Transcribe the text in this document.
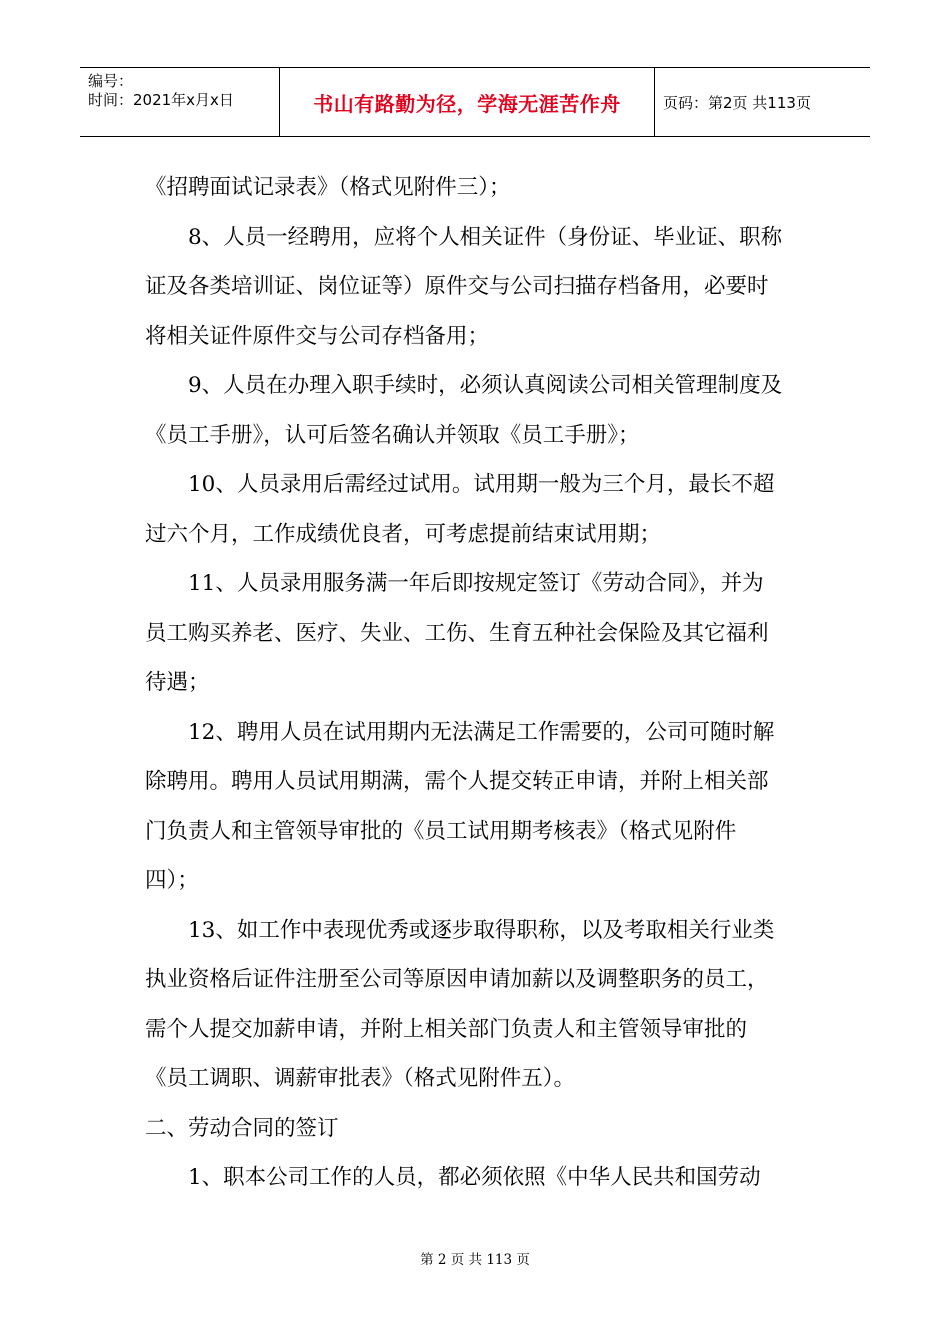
编号：
时间：2021年x月x日	书山有路勤为径，学海无涯苦作舟	页码：第2页 共113页
《招聘面试记录表》（格式见附件三）；
8、人员一经聘用，应将个人相关证件（身份证、毕业证、职称
证及各类培训证、岗位证等）原件交与公司扫描存档备用，必要时
将相关证件原件交与公司存档备用；
9、人员在办理入职手续时，必须认真阅读公司相关管理制度及
《员工手册》，认可后签名确认并领取《员工手册》；
10、人员录用后需经过试用。试用期一般为三个月，最长不超
过六个月，工作成绩优良者，可考虑提前结束试用期；
11、人员录用服务满一年后即按规定签订《劳动合同》，并为
员工购买养老、医疗、失业、工伤、生育五种社会保险及其它福利
待遇；
12、聘用人员在试用期内无法满足工作需要的，公司可随时解
除聘用。聘用人员试用期满，需个人提交转正申请，并附上相关部
门负责人和主管领导审批的《员工试用期考核表》（格式见附件
四）；
13、如工作中表现优秀或逐步取得职称，以及考取相关行业类
执业资格后证件注册至公司等原因申请加薪以及调整职务的员工，
需个人提交加薪申请，并附上相关部门负责人和主管领导审批的
《员工调职、调薪审批表》（格式见附件五）。
二、劳动合同的签订
1、职本公司工作的人员，都必须依照《中华人民共和国劳动
第 2 页 共 113 页
